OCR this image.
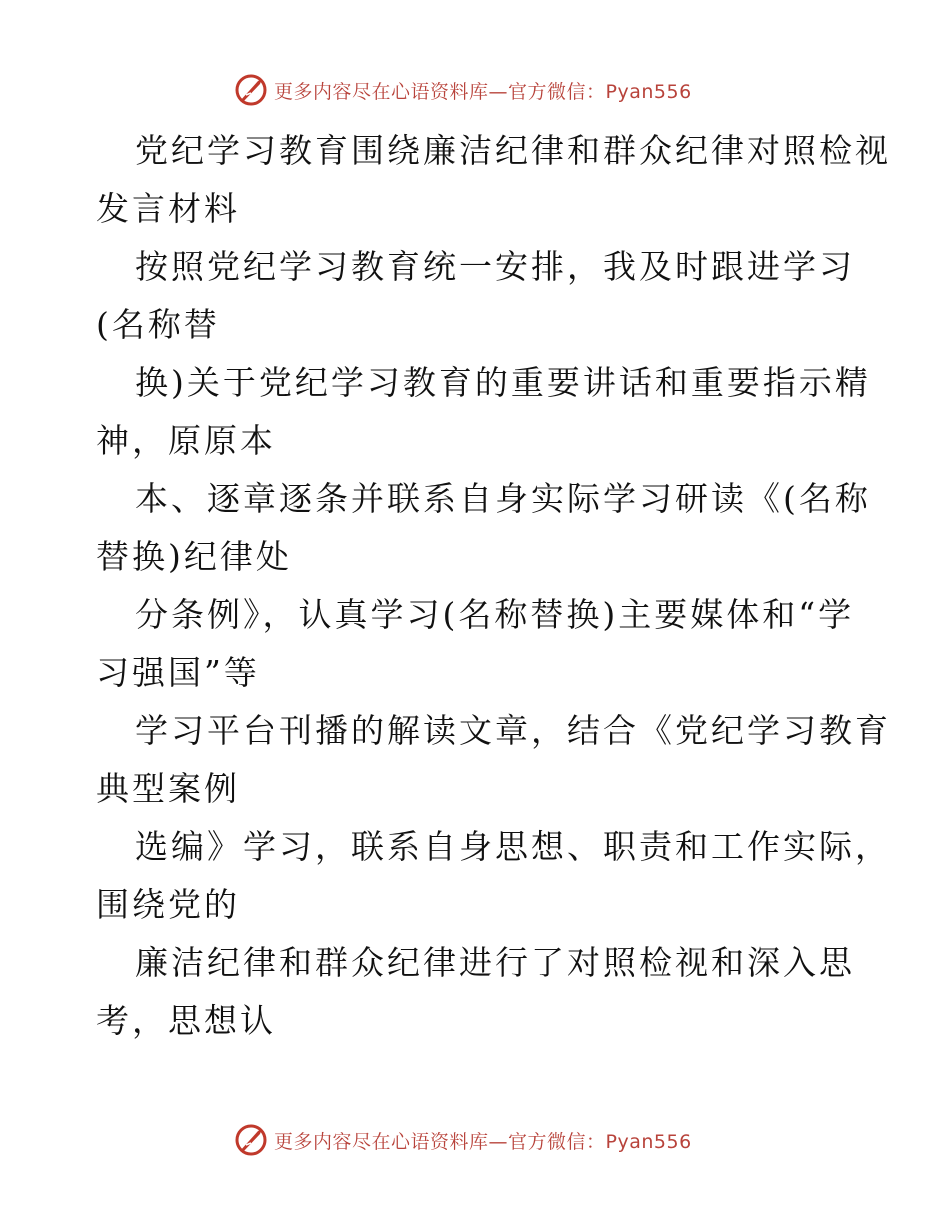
更多内容尽在心语资料库—官方微信：Pyan556
党纪学习教育围绕廉洁纪律和群众纪律对照检视
发言材料
按照党纪学习教育统一安排，我及时跟进学习
(名称替
换)关于党纪学习教育的重要讲话和重要指示精
神，原原本
本、逐章逐条并联系自身实际学习研读《(名称
替换)纪律处
分条例》，认真学习(名称替换)主要媒体和“学
习强国”等
学习平台刊播的解读文章，结合《党纪学习教育
典型案例
选编》学习，联系自身思想、职责和工作实际，
围绕党的
廉洁纪律和群众纪律进行了对照检视和深入思
考，思想认
更多内容尽在心语资料库—官方微信：Pyan556
